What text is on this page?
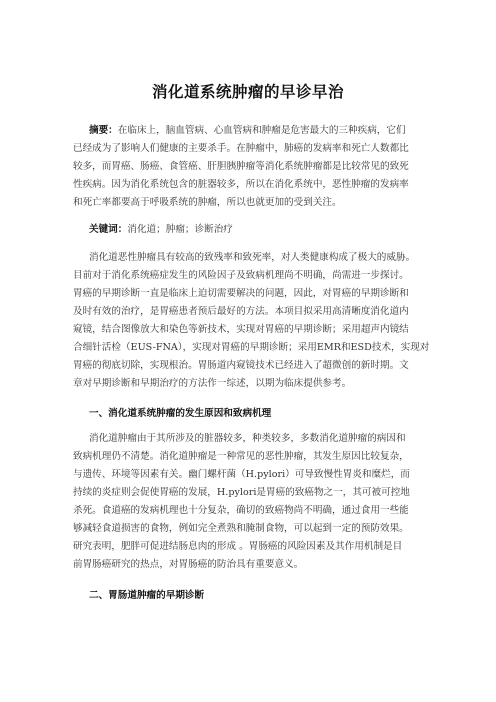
消化道系统肿瘤的早诊早治
摘要：在临床上，脑血管病、心血管病和肿瘤是危害最大的三种疾病，它们
已经成为了影响人们健康的主要杀手。在肿瘤中，肺癌的发病率和死亡人数都比
较多，而胃癌、肠癌、食管癌、肝胆胰肿瘤等消化系统肿瘤都是比较常见的致死
性疾病。因为消化系统包含的脏器较多，所以在消化系统中，恶性肿瘤的发病率
和死亡率都要高于呼吸系统的肿瘤，所以也就更加的受到关注。
关键词：消化道；肿瘤；诊断治疗
消化道恶性肿瘤具有较高的致残率和致死率，对人类健康构成了极大的威胁。
目前对于消化系统癌症发生的风险因子及致病机理尚不明确，尚需进一步探讨。
胃癌的早期诊断一直是临床上迫切需要解决的问题，因此，对胃癌的早期诊断和
及时有效的治疗，是胃癌患者预后最好的方法。本项目拟采用高清晰度消化道内
窥镜，结合图像放大和染色等新技术，实现对胃癌的早期诊断；采用超声内镜结
合细针活检（EUS-FNA），实现对胃癌的早期诊断；采用EMR和ESD技术，实现对
胃癌的彻底切除，实现根治。胃肠道内窥镜技术已经进入了超微创的新时期。文
章对早期诊断和早期治疗的方法作一综述，以期为临床提供参考。
一、消化道系统肿瘤的发生原因和致病机理
消化道肿瘤由于其所涉及的脏器较多，种类较多，多数消化道肿瘤的病因和
致病机理仍不清楚。消化道肿瘤是一种常见的恶性肿瘤，其发生原因比较复杂，
与遗传、环境等因素有关。幽门螺杆菌（H.pylori）可导致慢性胃炎和糜烂，而
持续的炎症则会促使胃癌的发展，H.pylori是胃癌的致癌物之一，其可被可控地
杀死。食道癌的发病机理也十分复杂，确切的致癌物尚不明确，通过食用一些能
够减轻食道损害的食物，例如完全煮熟和腌制食物，可以起到一定的预防效果。
研究表明，肥胖可促进结肠息肉的形成 。胃肠癌的风险因素及其作用机制是目
前胃肠癌研究的热点，对胃肠癌的防治具有重要意义。
二、胃肠道肿瘤的早期诊断
